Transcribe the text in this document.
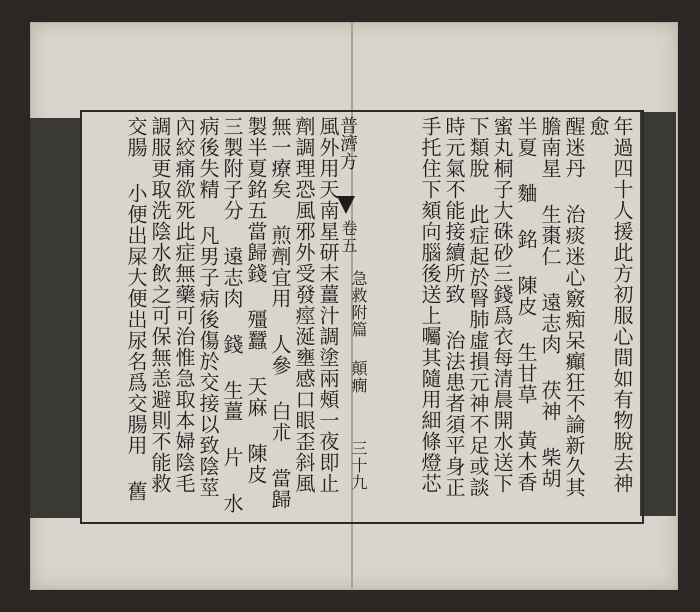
風外用天南星研末薑汁調塗兩頰一夜即止
劑調理恐風邪外受發痙涎壅感口眼歪斜風
無一療矣 煎劑宜用 人參 白朮 當歸
製半夏銘五當歸錢 殭蠶 天麻 陳皮
三製附子分 遠志肉 錢 生薑 片 水
病後失精 凡男子病後傷於交接以致陰莖
內絞痛欲死此症無藥可治惟急取本婦陰毛
調服更取洗陰水飲之可保無恙避則不能救
交腸 小便出屎大便出尿名爲交腸用 舊
普濟方
卷五
急救附篇
顛癇
三十九
年過四十人援此方初服心間如有物脫去神
愈
醒迷丹 治痰迷心竅痴呆癲狂不論新久其
膽南星 生棗仁 遠志肉 茯神 柴胡
半夏 麯 銘 陳皮 生甘草 黃木香
蜜丸桐子大硃砂三錢爲衣每清晨開水送下
下類脫 此症起於腎肺虛損元神不足或談
時元氣不能接續所致 治法患者須平身正
手托住下頦向腦後送上囑其隨用細條燈芯
